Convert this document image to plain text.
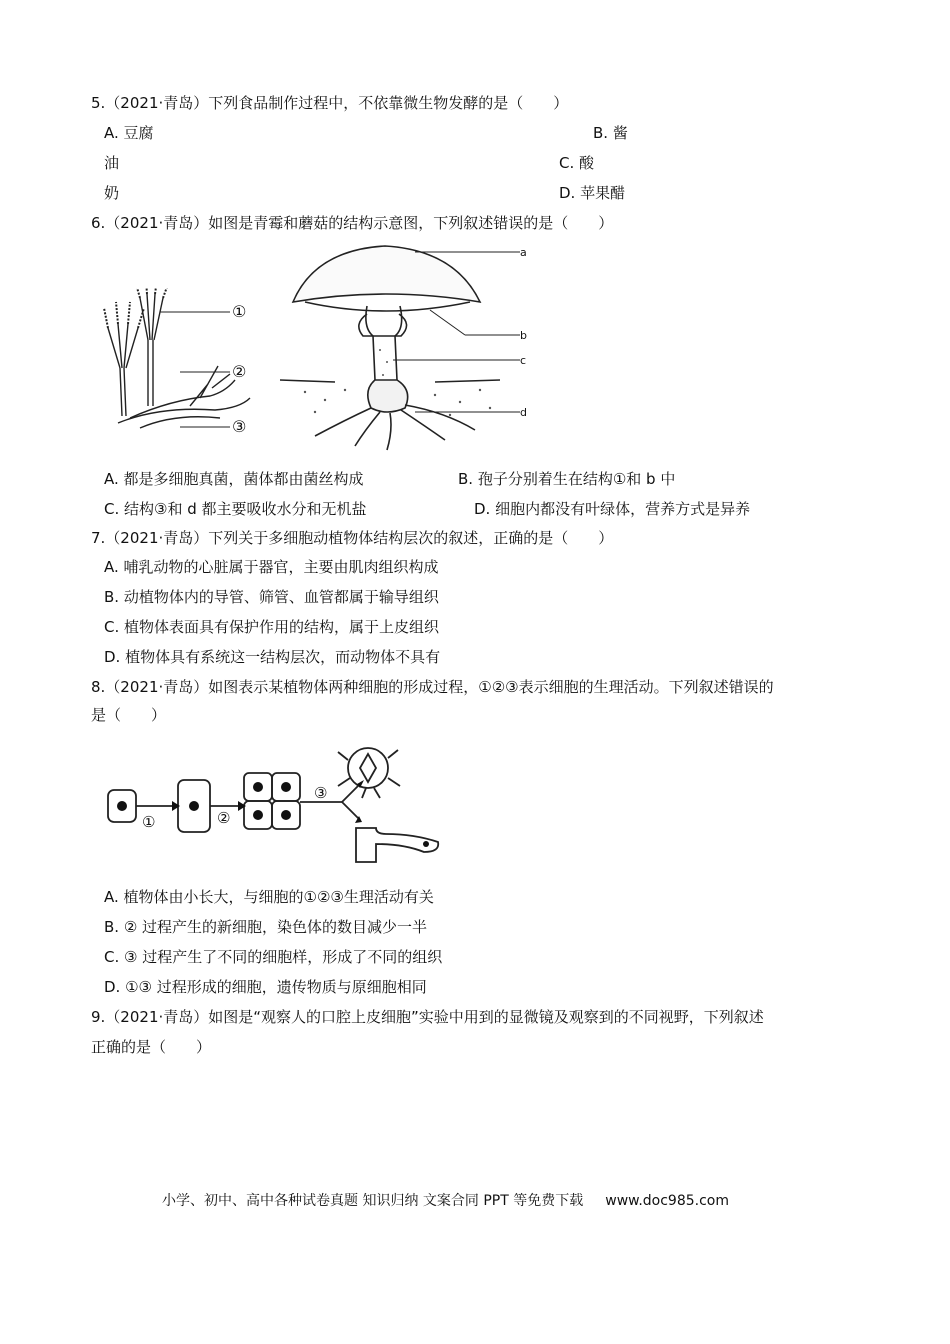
5.（2021·青岛）下列食品制作过程中，不依靠微生物发酵的是（　　）
A. 豆腐	B. 酱
油	C. 酸
奶	D. 苹果醋
6.（2021·青岛）如图是青霉和蘑菇的结构示意图，下列叙述错误的是（　　）
①
②
③
a
b
c
d
A. 都是多细胞真菌，菌体都由菌丝构成	B. 孢子分别着生在结构①和 b 中
C. 结构③和 d 都主要吸收水分和无机盐	D. 细胞内都没有叶绿体，营养方式是异养
7.（2021·青岛）下列关于多细胞动植物体结构层次的叙述，正确的是（　　）
A. 哺乳动物的心脏属于器官，主要由肌肉组织构成
B. 动植物体内的导管、筛管、血管都属于输导组织
C. 植物体表面具有保护作用的结构，属于上皮组织
D. 植物体具有系统这一结构层次，而动物体不具有
8.（2021·青岛）如图表示某植物体两种细胞的形成过程，①②③表示细胞的生理活动。下列叙述错误的
是（　　）
①	②
③
A. 植物体由小长大，与细胞的①②③生理活动有关
B. ② 过程产生的新细胞，染色体的数目减少一半
C. ③ 过程产生了不同的细胞样，形成了不同的组织
D. ①③ 过程形成的细胞，遗传物质与原细胞相同
9.（2021·青岛）如图是“观察人的口腔上皮细胞”实验中用到的显微镜及观察到的不同视野，下列叙述
正确的是（　　）
小学、初中、高中各种试卷真题 知识归纳 文案合同 PPT 等免费下载 www.doc985.com
